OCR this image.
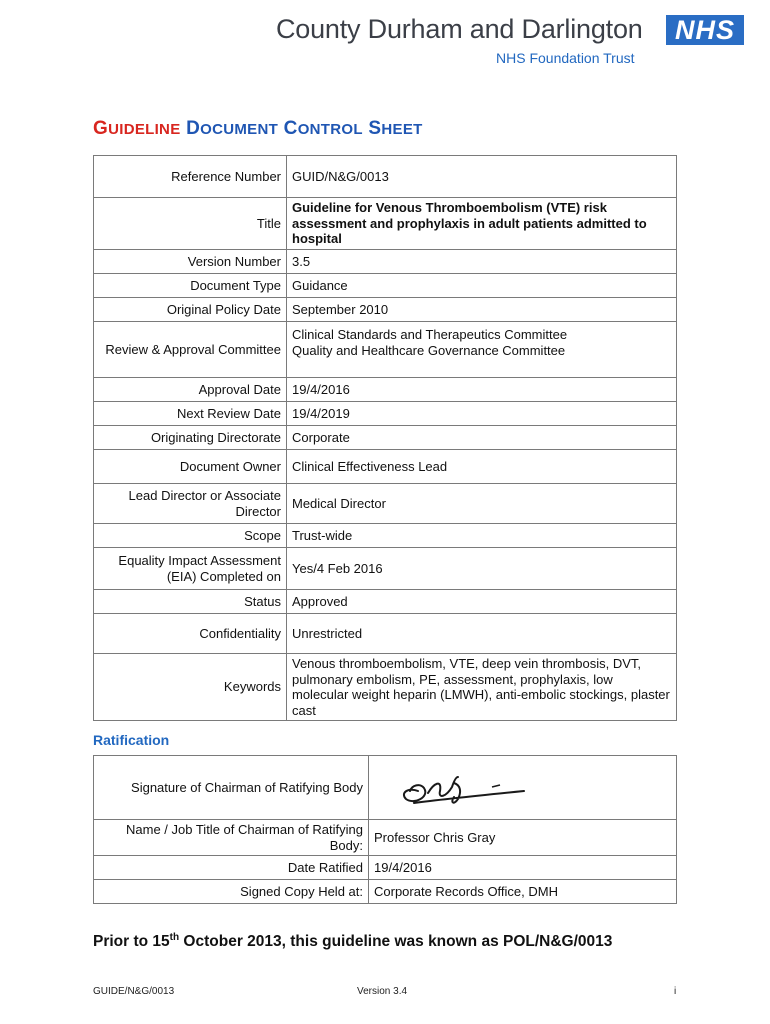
County Durham and Darlington
NHS Foundation Trust
NHS
GUIDELINE DOCUMENT CONTROL SHEET
Reference Number	GUID/N&G/0013
Title	Guideline for Venous Thromboembolism (VTE) risk assessment and prophylaxis in adult patients admitted to hospital
Version Number	3.5
Document Type	Guidance
Original Policy Date	September 2010
Review & Approval Committee	Clinical Standards and Therapeutics Committee
Quality and Healthcare Governance Committee

Approval Date	19/4/2016
Next Review Date	19/4/2019
Originating Directorate	Corporate
Document Owner	Clinical Effectiveness Lead
Lead Director or Associate Director	Medical Director
Scope	Trust-wide
Equality Impact Assessment (EIA) Completed on	Yes/4 Feb 2016
Status	Approved
Confidentiality	Unrestricted
Keywords	Venous thromboembolism, VTE, deep vein thrombosis, DVT, pulmonary embolism, PE, assessment, prophylaxis, low molecular weight heparin (LMWH), anti-embolic stockings, plaster cast
Ratification
Signature of Chairman of Ratifying Body	
Name / Job Title of Chairman of Ratifying Body:	Professor Chris Gray
Date Ratified	19/4/2016
Signed Copy Held at:	Corporate Records Office, DMH
Prior to 15th October 2013, this guideline was known as POL/N&G/0013
GUIDE/N&G/0013	Version 3.4	i
